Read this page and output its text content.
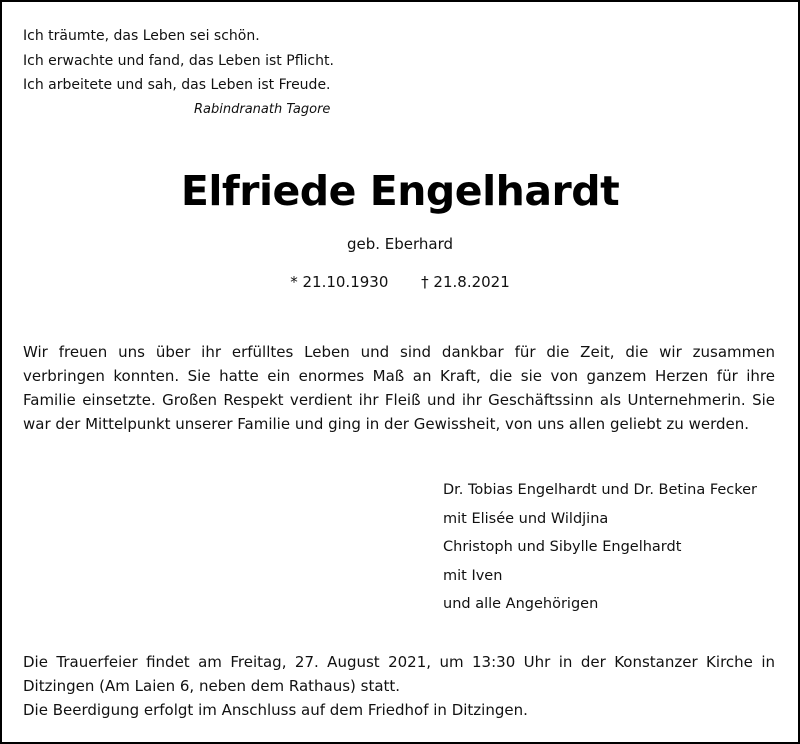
Ich träumte, das Leben sei schön.
Ich erwachte und fand, das Leben ist Pflicht.
Ich arbeitete und sah, das Leben ist Freude.
Rabindranath Tagore
Elfriede Engelhardt
geb. Eberhard
* 21.10.1930 † 21.8.2021
Wir freuen uns über ihr erfülltes Leben und sind dankbar für die Zeit, die wir zusammen
verbringen konnten. Sie hatte ein enormes Maß an Kraft, die sie von ganzem Herzen für ihre
Familie einsetzte. Großen Respekt verdient ihr Fleiß und ihr Geschäftssinn als Unternehmerin. Sie
war der Mittelpunkt unserer Familie und ging in der Gewissheit, von uns allen geliebt zu werden.
Dr. Tobias Engelhardt und Dr. Betina Fecker
mit Elisée und Wildjina
Christoph und Sibylle Engelhardt
mit Iven
und alle Angehörigen
Die Trauerfeier findet am Freitag, 27. August 2021, um 13:30 Uhr in der Konstanzer Kirche in
Ditzingen (Am Laien 6, neben dem Rathaus) statt.
Die Beerdigung erfolgt im Anschluss auf dem Friedhof in Ditzingen.
